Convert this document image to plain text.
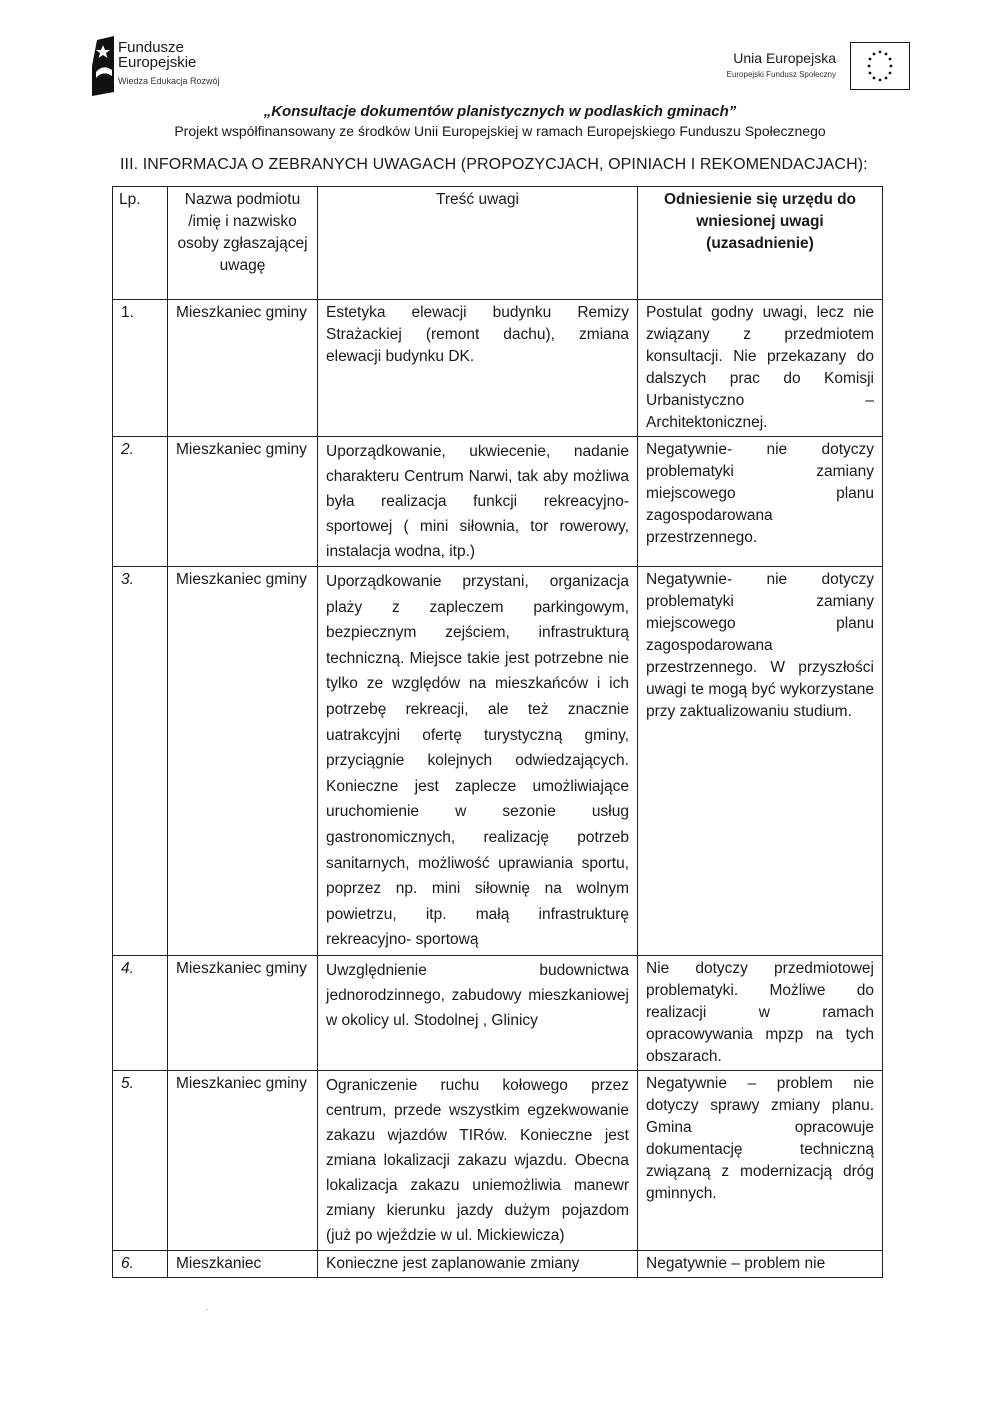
Fundusze
Europejskie
Wiedza Edukacja Rozwój
Unia Europejska
Europejski Fundusz Społeczny
„Konsultacje dokumentów planistycznych w podlaskich gminach”
Projekt współfinansowany ze środków Unii Europejskiej w ramach Europejskiego Funduszu Społecznego
III. INFORMACJA O ZEBRANYCH UWAGACH (PROPOZYCJACH, OPINIACH I REKOMENDACJACH):
Lp.	Nazwa podmiotu /imię i nazwisko osoby zgłaszającej uwagę	Treść uwagi	Odniesienie się urzędu do wniesionej uwagi (uzasadnienie)
1.	Mieszkaniec gminy	Estetyka elewacji budynku Remizy Strażackiej (remont dachu), zmiana elewacji budynku DK.	Postulat godny uwagi, lecz nie związany z przedmiotem konsultacji. Nie przekazany do dalszych prac do Komisji Urbanistyczno – Architektonicznej.
2.	Mieszkaniec gminy	Uporządkowanie, ukwiecenie, nadanie charakteru Centrum Narwi, tak aby możliwa była realizacja funkcji rekreacyjno- sportowej ( mini siłownia, tor rowerowy, instalacja wodna, itp.)	Negatywnie- nie dotyczy problematyki zamiany miejscowego planu zagospodarowana przestrzennego.
3.	Mieszkaniec gminy	Uporządkowanie przystani, organizacja plaży z zapleczem parkingowym, bezpiecznym zejściem, infrastrukturą techniczną. Miejsce takie jest potrzebne nie tylko ze względów na mieszkańców i ich potrzebę rekreacji, ale też znacznie uatrakcyjni ofertę turystyczną gminy, przyciągnie kolejnych odwiedzających. Konieczne jest zaplecze umożliwiające uruchomienie w sezonie usług gastronomicznych, realizację potrzeb sanitarnych, możliwość uprawiania sportu, poprzez np. mini siłownię na wolnym powietrzu, itp. małą infrastrukturę rekreacyjno- sportową	Negatywnie- nie dotyczy problematyki zamiany miejscowego planu zagospodarowana przestrzennego. W przyszłości uwagi te mogą być wykorzystane przy zaktualizowaniu studium.
4.	Mieszkaniec gminy	Uwzględnienie budownictwa jednorodzinnego, zabudowy mieszkaniowej w okolicy ul. Stodolnej , Glinicy	Nie dotyczy przedmiotowej problematyki. Możliwe do realizacji w ramach opracowywania mpzp na tych obszarach.
5.	Mieszkaniec gminy	Ograniczenie ruchu kołowego przez centrum, przede wszystkim egzekwowanie zakazu wjazdów TIRów. Konieczne jest zmiana lokalizacji zakazu wjazdu. Obecna lokalizacja zakazu uniemożliwia manewr zmiany kierunku jazdy dużym pojazdom (już po wjeździe w ul. Mickiewicza)	Negatywnie – problem nie dotyczy sprawy zmiany planu. Gmina opracowuje dokumentację techniczną związaną z modernizacją dróg gminnych.
6.	Mieszkaniec	Konieczne jest zaplanowanie zmiany	Negatywnie – problem nie
